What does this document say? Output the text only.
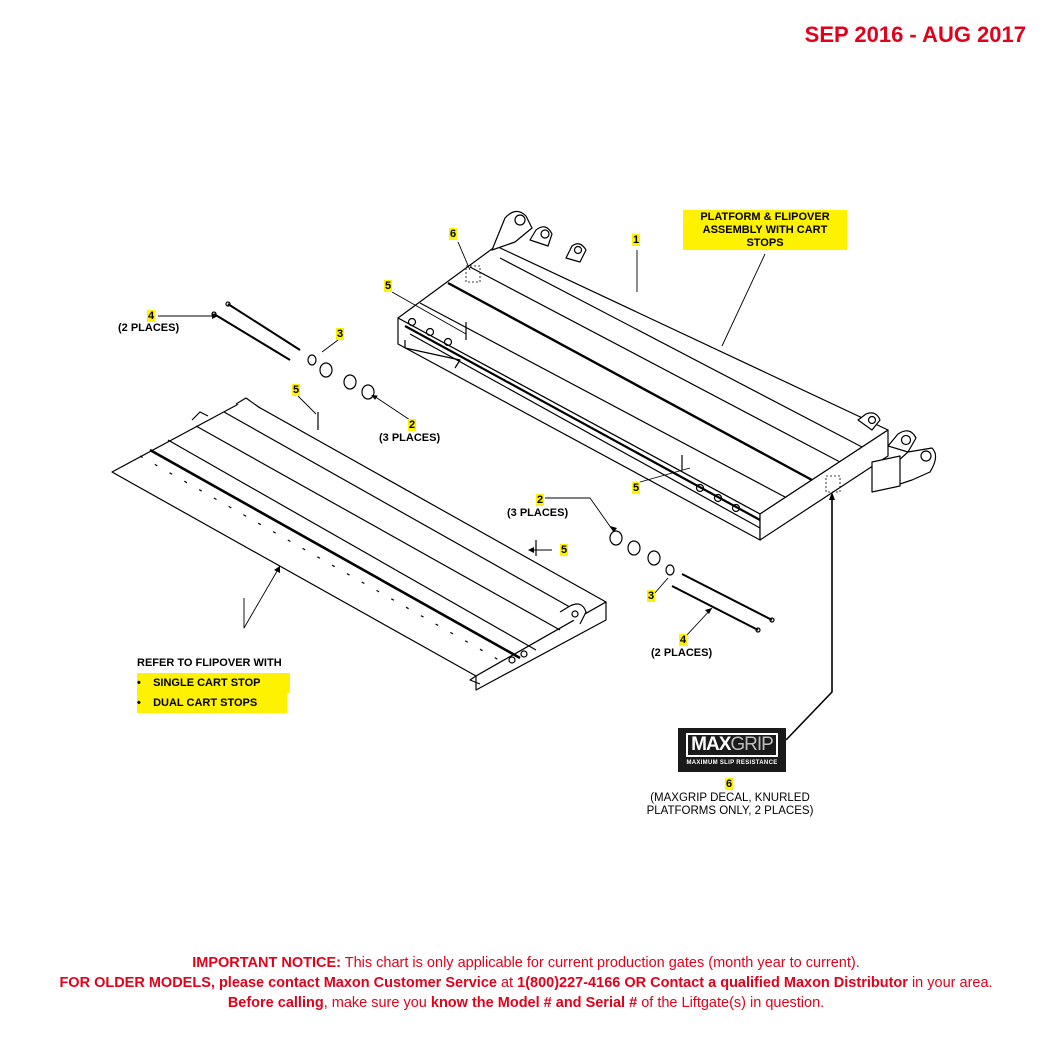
SEP 2016 - AUG 2017
1
PLATFORM & FLIPOVER ASSEMBLY WITH CART STOPS
6
5
4
(2 PLACES)	3
5
2
(3 PLACES)
5
2
(3 PLACES)
5
3
4
(2 PLACES)
REFER TO FLIPOVER WITH
• SINGLE CART STOP
• DUAL CART STOPS
MAXGRIP
MAXIMUM SLIP RESISTANCE
6
(MAXGRIP DECAL, KNURLED
PLATFORMS ONLY, 2 PLACES)
IMPORTANT NOTICE: This chart is only applicable for current production gates (month year to current).
FOR OLDER MODELS, please contact Maxon Customer Service at 1(800)227-4166 OR Contact a qualified Maxon Distributor in your area. Before calling, make sure you know the Model # and Serial # of the Liftgate(s) in question.
